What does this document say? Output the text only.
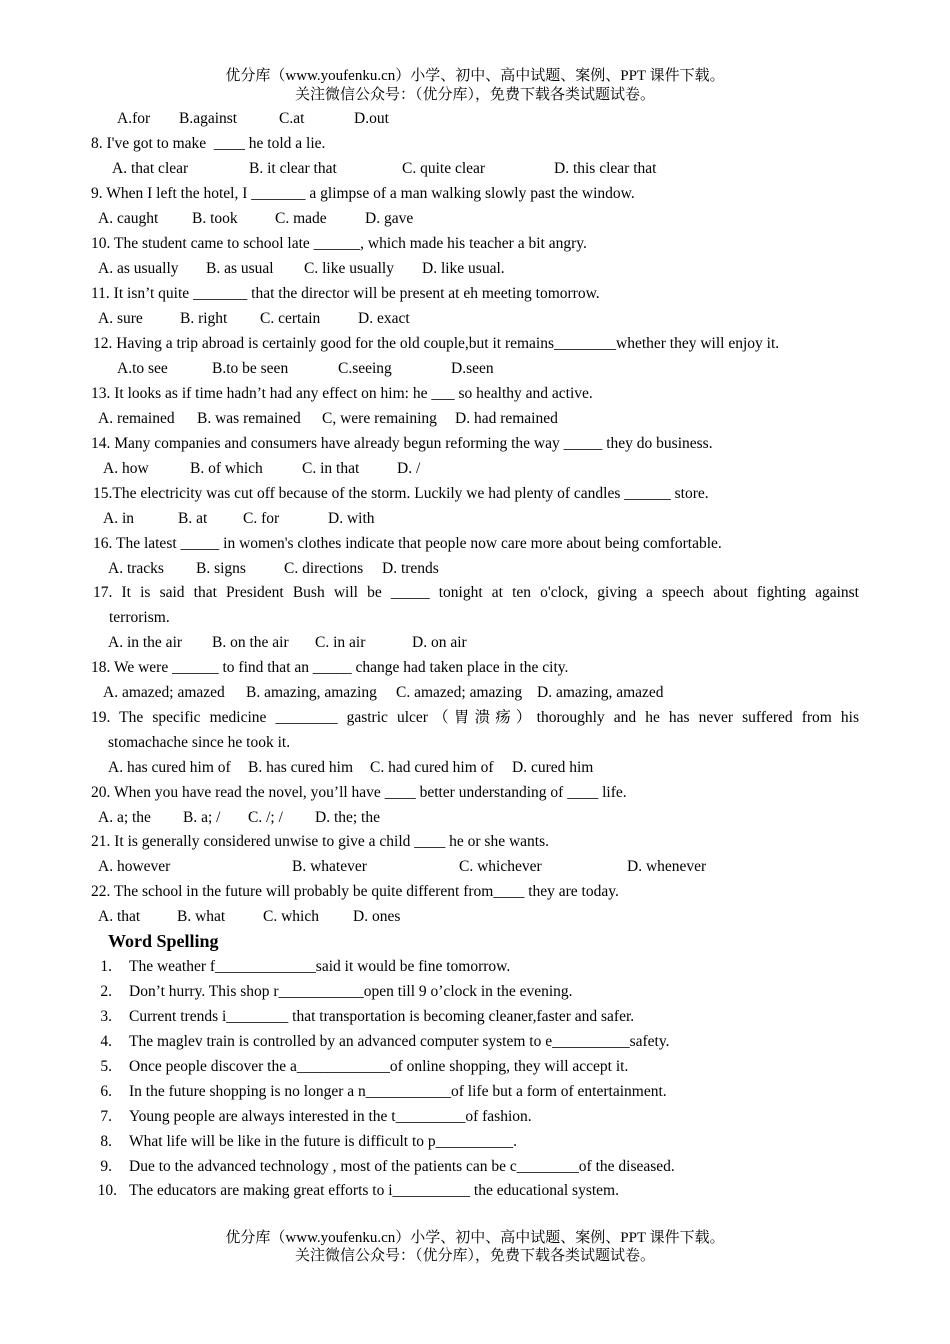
优分库（www.youfenku.cn）小学、初中、高中试题、案例、PPT 课件下载。
关注微信公众号：（优分库），免费下载各类试题试卷。
A.for B.against	C.at	D.out
8. I've got to make  ____ he told a lie.
A. that clear	B. it clear that	C. quite clear	D. this clear that
9. When I left the hotel, I _______ a glimpse of a man walking slowly past the window.
A. caught B. took C. made D. gave
10. The student came to school late ______, which made his teacher a bit angry.
A. as usually B. as usual C. like usually D. like usual.
11. It isn’t quite _______ that the director will be present at eh meeting tomorrow.
A. sure B. right C. certain D. exact
12. Having a trip abroad is certainly good for the old couple,but it remains________whether they will enjoy it.
A.to see	B.to be seen	C.seeing	D.seen
13. It looks as if time hadn’t had any effect on him: he ___ so healthy and active.
A. remained B. was remained C, were remaining D. had remained
14. Many companies and consumers have already begun reforming the way _____ they do business.
A. how	B. of which	C. in that D. /
15.The electricity was cut off because of the storm. Luckily we had plenty of candles ______ store.
A. in	B. at C. for	D. with
16. The latest _____ in women's clothes indicate that people now care more about being comfortable.
A. tracks B. signs C. directions D. trends
17. It is said that President Bush will be _____ tonight at ten o'clock, giving a speech about fighting against
terrorism.
A. in the air B. on the air C. in air	D. on air
18. We were ______ to find that an _____ change had taken place in the city.
A. amazed; amazed B. amazing, amazing C. amazed; amazing D. amazing, amazed
19. The specific medicine ________ gastric ulcer（胃溃疡）thoroughly and he has never suffered from his
stomachache since he took it.
A. has cured him of B. has cured him C. had cured him of D. cured him
20. When you have read the novel, you’ll have ____ better understanding of ____ life.
A. a; the B. a; / C. /; / D. the; the
21. It is generally considered unwise to give a child ____ he or she wants.
A. however	B. whatever	C. whichever	D. whenever
22. The school in the future will probably be quite different from____ they are today.
A. that B. what C. which D. ones
Word Spelling
1. The weather f_____________said it would be fine tomorrow.
2. Don’t hurry. This shop r___________open till 9 o’clock in the evening.
3. Current trends i________ that transportation is becoming cleaner,faster and safer.
4. The maglev train is controlled by an advanced computer system to e__________safety.
5. Once people discover the a____________of online shopping, they will accept it.
6. In the future shopping is no longer a n___________of life but a form of entertainment.
7. Young people are always interested in the t_________of fashion.
8. What life will be like in the future is difficult to p__________.
9. Due to the advanced technology , most of the patients can be c________of the diseased.
10. The educators are making great efforts to i__________ the educational system.
优分库（www.youfenku.cn）小学、初中、高中试题、案例、PPT 课件下载。
关注微信公众号：（优分库），免费下载各类试题试卷。
